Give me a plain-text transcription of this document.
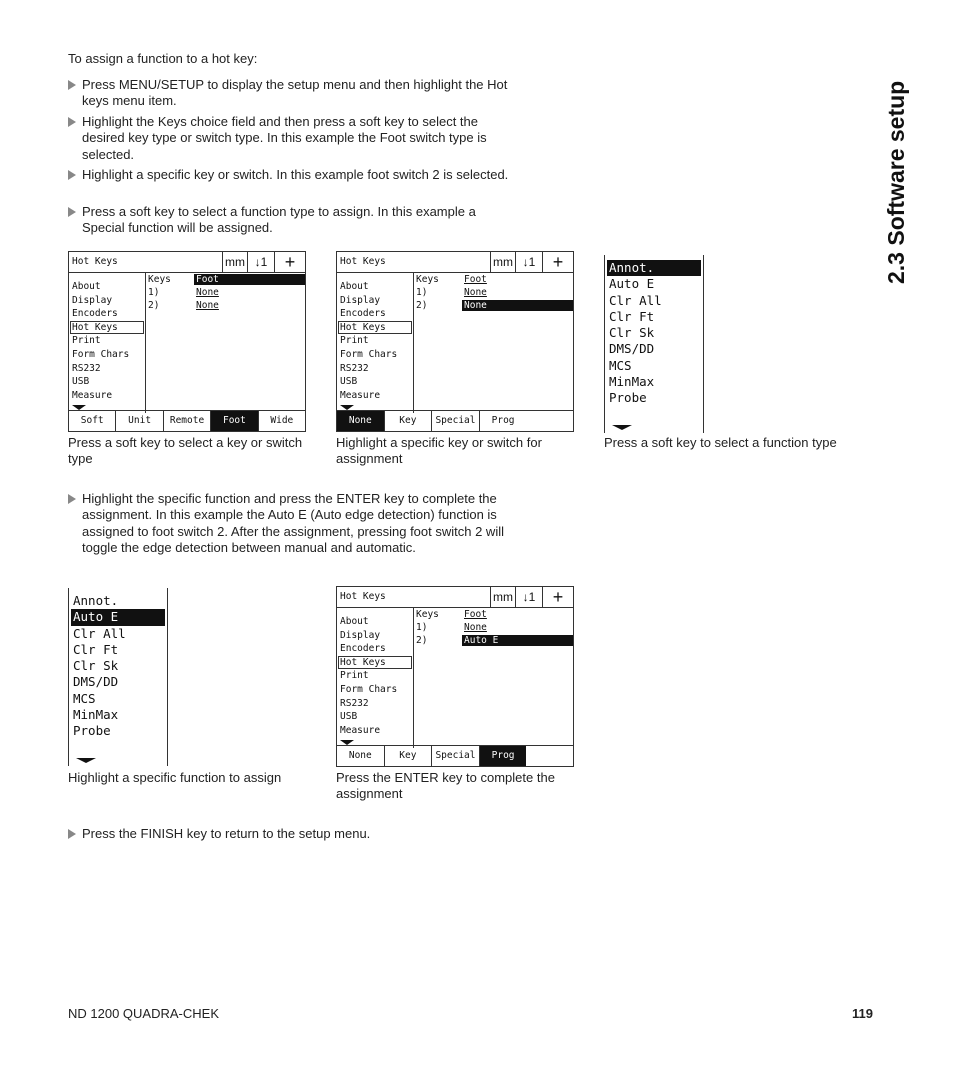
To assign a function to a hot key:
Press MENU/SETUP to display the setup menu and then highlight the Hot keys menu item.
Highlight the Keys choice field and then press a soft key to select the desired key type or switch type. In this example the Foot switch type is selected.
Highlight a specific key or switch. In this example foot switch 2 is selected.
Press a soft key to select a function type to assign. In this example a Special function will be assigned.
Hot Keys	mm ↓1 +
About
Display
Encoders
Hot Keys
Print
Form Chars
RS232
USB
Measure
Keys	Foot
1)	None
2)	None
Soft	Unit	Remote	Foot	Wide
Press a soft key to select a key or switch type
Hot Keys	mm ↓1 +
About
Display
Encoders
Hot Keys
Print
Form Chars
RS232
USB
Measure
Keys	Foot
1)	None
2)	None
None	Key	Special	Prog
Highlight a specific key or switch for assignment
Annot.
Auto E
Clr All
Clr Ft
Clr Sk
DMS/DD
MCS
MinMax
Probe
Press a soft key to select a function type
Highlight the specific function and press the ENTER key to complete the assignment. In this example the Auto E (Auto edge detection) function is assigned to foot switch 2. After the assignment, pressing foot switch 2 will toggle the edge detection between manual and automatic.
Annot.
Auto E
Clr All
Clr Ft
Clr Sk
DMS/DD
MCS
MinMax
Probe
Highlight a specific function to assign
Hot Keys	mm ↓1 +
About
Display
Encoders
Hot Keys
Print
Form Chars
RS232
USB
Measure
Keys	Foot
1)	None
2)	Auto E
None	Key	Special	Prog
Press the ENTER key to complete the assignment
Press the FINISH key to return to the setup menu.
2.3 Software setup
ND 1200 QUADRA-CHEK	119
